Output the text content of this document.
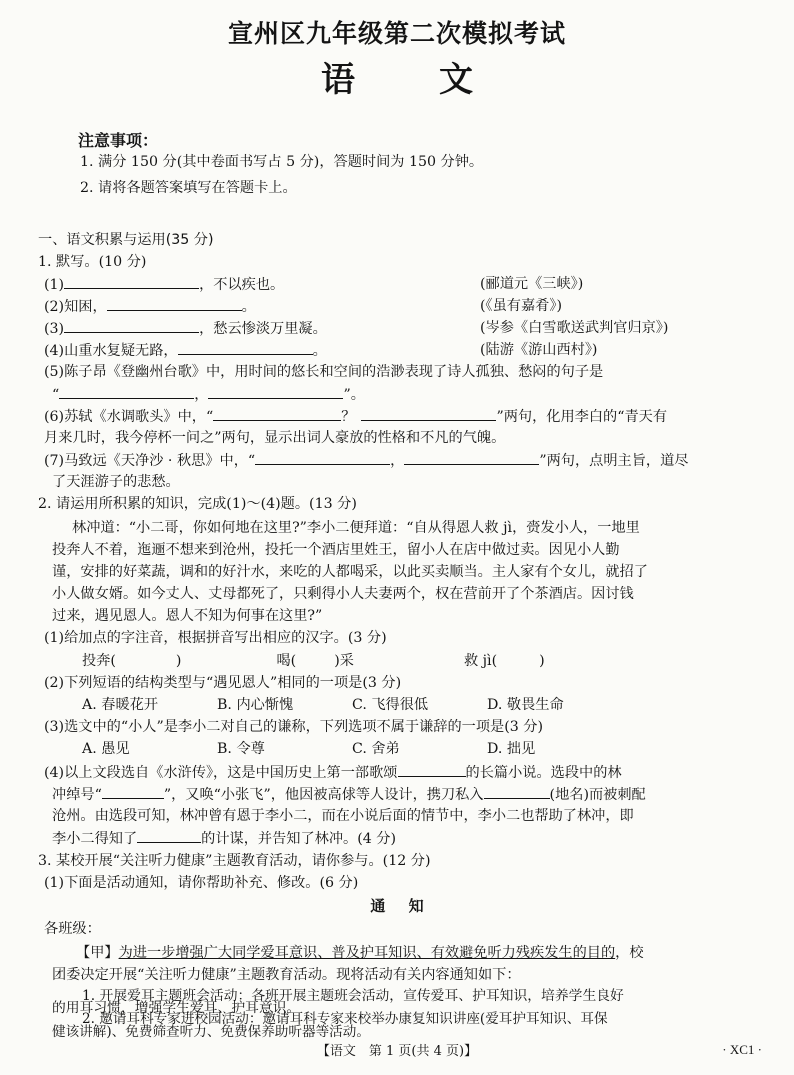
宣州区九年级第二次模拟考试
语 文
注意事项：
1. 满分 150 分(其中卷面书写占 5 分)，答题时间为 150 分钟。
2. 请将各题答案填写在答题卡上。
一、语文积累与运用(35 分)
1. 默写。(10 分)
(1)	，不以疾也。	(郦道元《三峡》)
(2)知困，	。	(《虽有嘉肴》)
(3)	，愁云惨淡万里凝。	(岑参《白雪歌送武判官归京》)
(4)山重水复疑无路，	。	(陆游《游山西村》)
(5)陈子昂《登幽州台歌》中，用时间的悠长和空间的浩渺表现了诗人孤独、愁闷的句子是
“	，	”。
(6)苏轼《水调歌头》中，“	？	”两句，化用李白的“青天有
月来几时，我今停杯一问之”两句，显示出词人豪放的性格和不凡的气魄。
(7)马致远《天净沙 · 秋思》中，“	，	”两句，点明主旨，道尽
了天涯游子的悲愁。
2. 请运用所积累的知识，完成(1)～(4)题。(13 分)
林冲道：“小二哥，你如何地在这里?”李小二便拜道：“自从得恩人救 jì，赍发小人，一地里
投奔人不着，迤逦不想来到沧州，投托一个酒店里姓王，留小人在店中做过卖。因见小人勤
谨，安排的好菜蔬，调和的好汁水，来吃的人都喝采，以此买卖顺当。主人家有个女儿，就招了
小人做女婿。如今丈人、丈母都死了，只剩得小人夫妻两个，权在营前开了个茶酒店。因讨钱
过来，遇见恩人。恩人不知为何事在这里?”
(1)给加点的字注音，根据拼音写出相应的汉字。(3 分)
投奔(	)	喝(	)采	救 jì(	)
(2)下列短语的结构类型与“遇见恩人”相同的一项是(3 分)
A. 春暖花开	B. 内心惭愧	C. 飞得很低	D. 敬畏生命
(3)选文中的“小人”是李小二对自己的谦称，下列选项不属于谦辞的一项是(3 分)
A. 愚见	B. 令尊	C. 舍弟	D. 拙见
(4)以上文段选自《水浒传》，这是中国历史上第一部歌颂	的长篇小说。选段中的林
冲绰号“	”，又唤“小张飞”，他因被高俅等人设计，携刀私入	(地名)而被刺配
沧州。由选段可知，林冲曾有恩于李小二，而在小说后面的情节中，李小二也帮助了林冲，即
李小二得知了	的计谋，并告知了林冲。(4 分)
3. 某校开展“关注听力健康”主题教育活动，请你参与。(12 分)
(1)下面是活动通知，请你帮助补充、修改。(6 分)
通 知
各班级：
【甲】为进一步增强广大同学爱耳意识、普及护耳知识、有效避免听力残疾发生的目的，校
团委决定开展“关注听力健康”主题教育活动。现将活动有关内容通知如下：
1. 开展爱耳主题班会活动：各班开展主题班会活动，宣传爱耳、护耳知识，培养学生良好
的用耳习惯，增强学生爱耳、护耳意识。
【语文　第 1 页(共 4 页)】	· XC1 ·
2. 邀请耳科专家进校园活动：邀请耳科专家来校举办康复知识讲座(爱耳护耳知识、耳保
健该讲解)、免费筛查听力、免费保养助听器等活动。
